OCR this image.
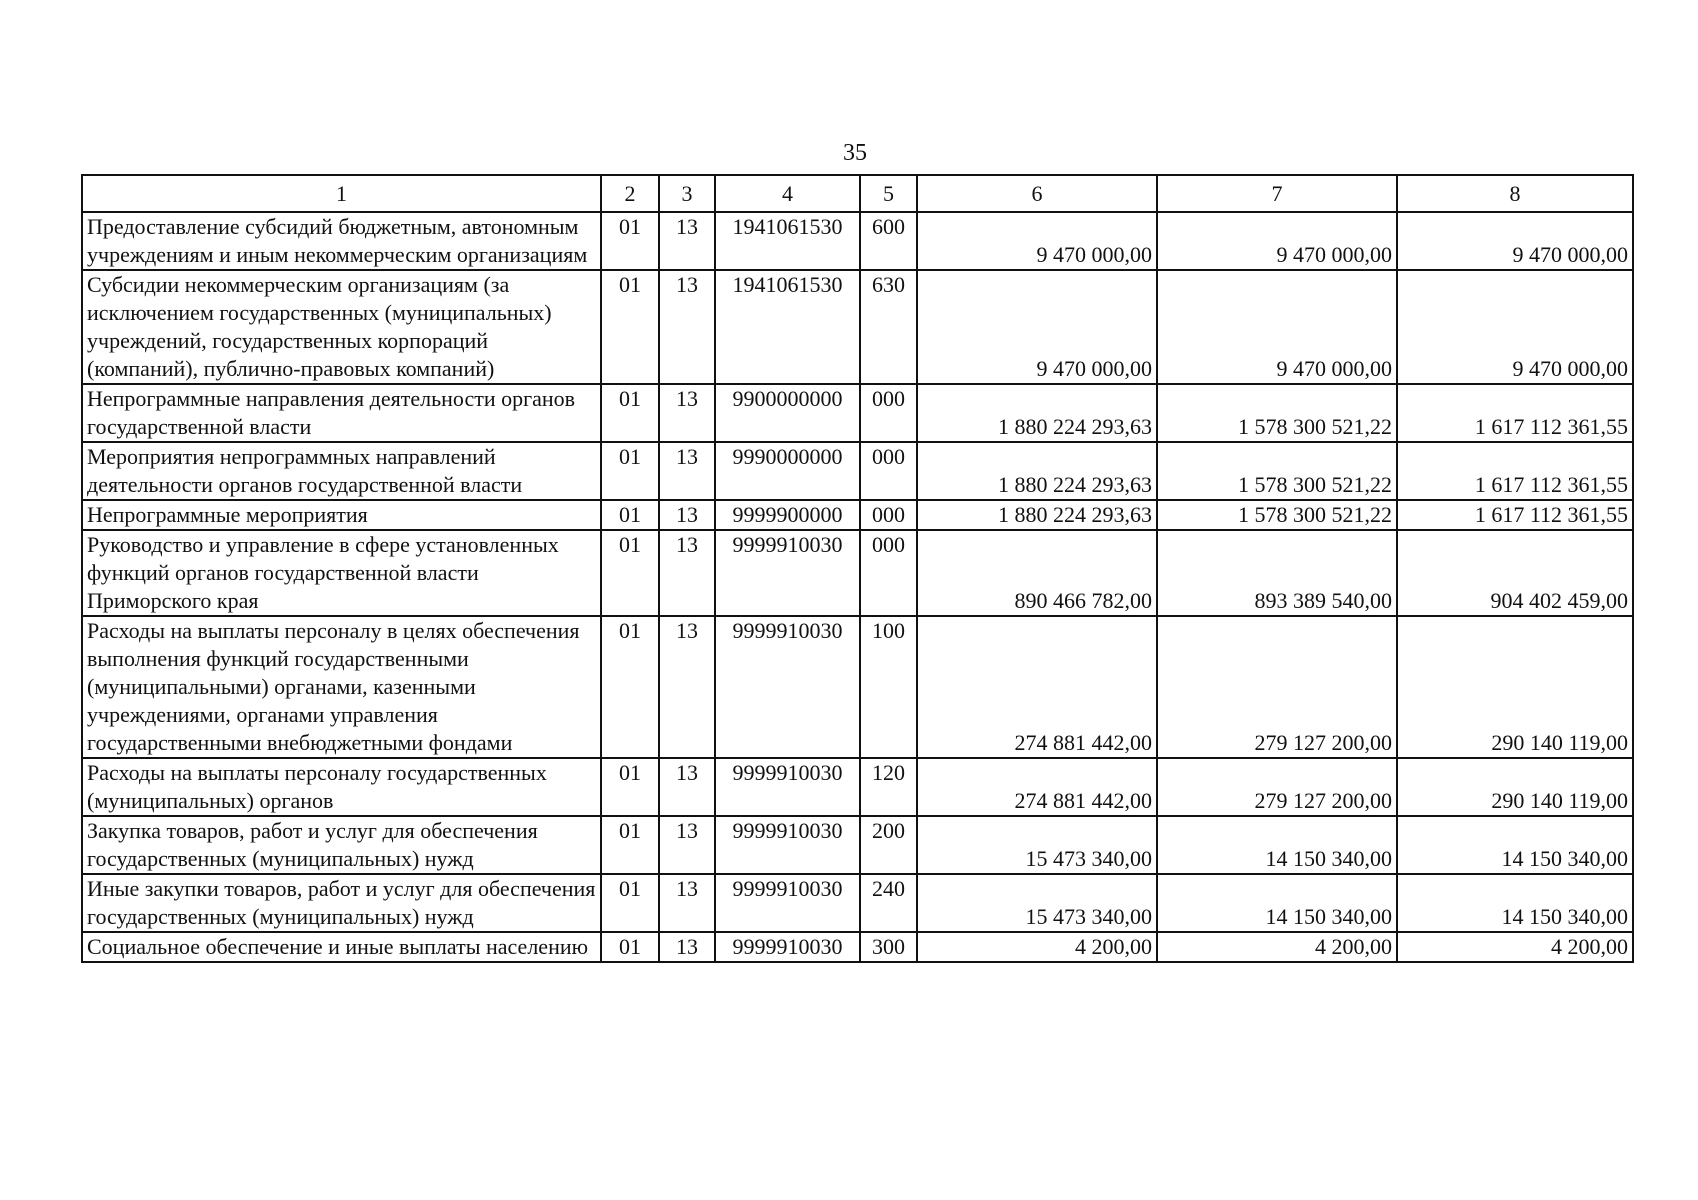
35
1	2	3	4	5	6	7	8
Предоставление субсидий бюджетным, автономным учреждениям и иным некоммерческим организациям	01	13	1941061530	600	9 470 000,00	9 470 000,00	9 470 000,00
Субсидии некоммерческим организациям (за исключением государственных (муниципальных) учреждений, государственных корпораций (компаний), публично-правовых компаний)	01	13	1941061530	630	9 470 000,00	9 470 000,00	9 470 000,00
Непрограммные направления деятельности органов государственной власти	01	13	9900000000	000	1 880 224 293,63	1 578 300 521,22	1 617 112 361,55
Мероприятия непрограммных направлений деятельности органов государственной власти	01	13	9990000000	000	1 880 224 293,63	1 578 300 521,22	1 617 112 361,55
Непрограммные мероприятия	01	13	9999900000	000	1 880 224 293,63	1 578 300 521,22	1 617 112 361,55
Руководство и управление в сфере установленных функций органов государственной власти Приморского края	01	13	9999910030	000	890 466 782,00	893 389 540,00	904 402 459,00
Расходы на выплаты персоналу в целях обеспечения выполнения функций государственными (муниципальными) органами, казенными учреждениями, органами управления государственными внебюджетными фондами	01	13	9999910030	100	274 881 442,00	279 127 200,00	290 140 119,00
Расходы на выплаты персоналу государственных (муниципальных) органов	01	13	9999910030	120	274 881 442,00	279 127 200,00	290 140 119,00
Закупка товаров, работ и услуг для обеспечения государственных (муниципальных) нужд	01	13	9999910030	200	15 473 340,00	14 150 340,00	14 150 340,00
Иные закупки товаров, работ и услуг для обеспечения государственных (муниципальных) нужд	01	13	9999910030	240	15 473 340,00	14 150 340,00	14 150 340,00
Социальное обеспечение и иные выплаты населению	01	13	9999910030	300	4 200,00	4 200,00	4 200,00
